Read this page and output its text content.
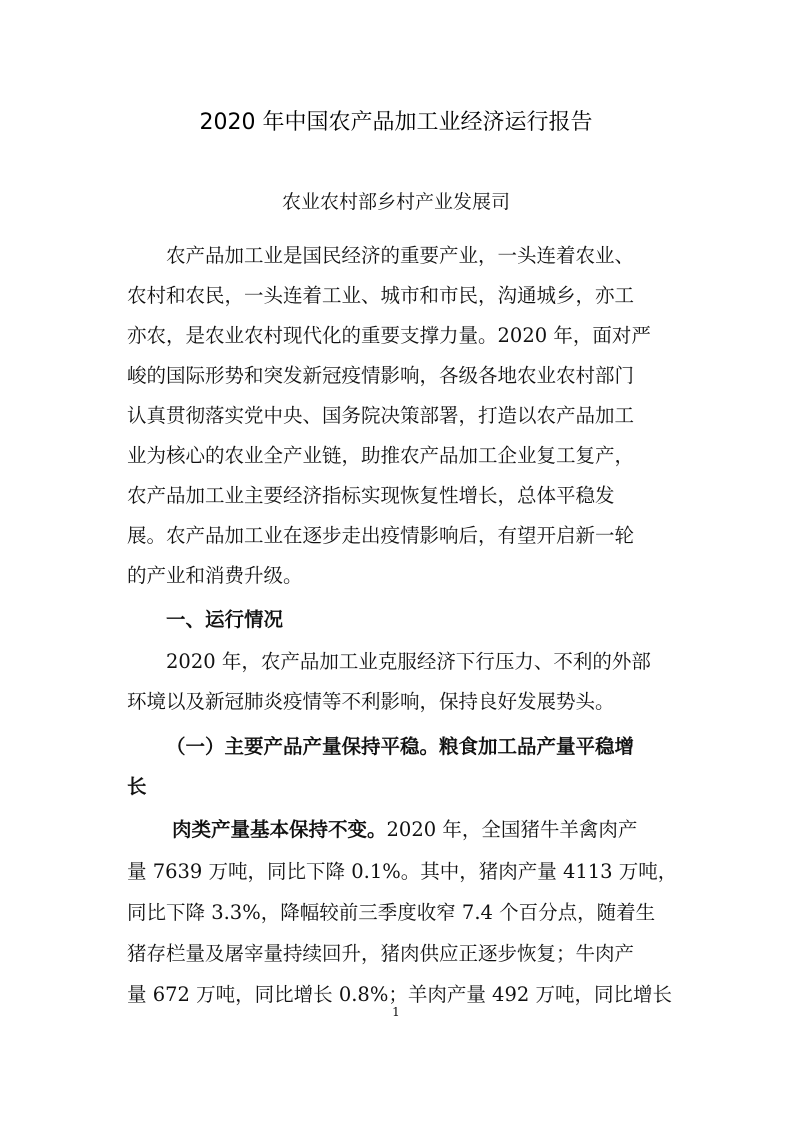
2020 年中国农产品加工业经济运行报告
农业农村部乡村产业发展司
农产品加工业是国民经济的重要产业，一头连着农业、
农村和农民，一头连着工业、城市和市民，沟通城乡，亦工
亦农，是农业农村现代化的重要支撑力量。2020 年，面对严
峻的国际形势和突发新冠疫情影响，各级各地农业农村部门
认真贯彻落实党中央、国务院决策部署，打造以农产品加工
业为核心的农业全产业链，助推农产品加工企业复工复产，
农产品加工业主要经济指标实现恢复性增长，总体平稳发
展。农产品加工业在逐步走出疫情影响后，有望开启新一轮
的产业和消费升级。
一、运行情况
2020 年，农产品加工业克服经济下行压力、不利的外部
环境以及新冠肺炎疫情等不利影响，保持良好发展势头。
（一）主要产品产量保持平稳。粮食加工品产量平稳增
长
肉类产量基本保持不变。2020 年，全国猪牛羊禽肉产
量 7639 万吨，同比下降 0.1%。其中，猪肉产量 4113 万吨，
同比下降 3.3%，降幅较前三季度收窄 7.4 个百分点，随着生
猪存栏量及屠宰量持续回升，猪肉供应正逐步恢复；牛肉产
量 672 万吨，同比增长 0.8%；羊肉产量 492 万吨，同比增长
1
